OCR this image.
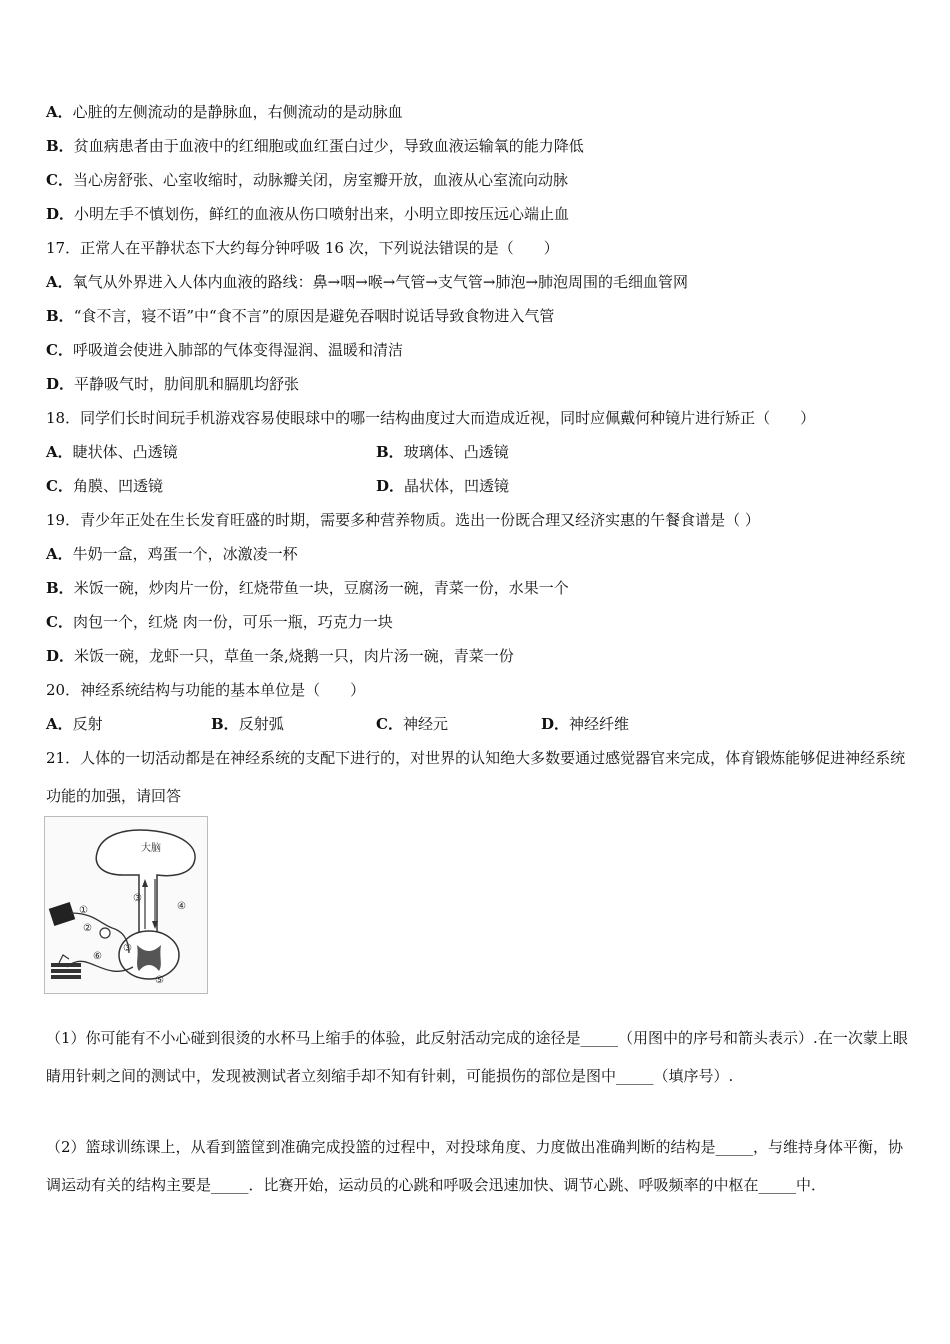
A．心脏的左侧流动的是静脉血，右侧流动的是动脉血
B．贫血病患者由于血液中的红细胞或血红蛋白过少，导致血液运输氧的能力降低
C．当心房舒张、心室收缩时，动脉瓣关闭，房室瓣开放，血液从心室流向动脉
D．小明左手不慎划伤，鲜红的血液从伤口喷射出来，小明立即按压远心端止血
17．正常人在平静状态下大约每分钟呼吸 16 次，下列说法错误的是（　　）
A．氧气从外界进入人体内血液的路线：鼻→咽→喉→气管→支气管→肺泡→肺泡周围的毛细血管网
B．“食不言，寝不语”中“食不言”的原因是避免吞咽时说话导致食物进入气管
C．呼吸道会使进入肺部的气体变得湿润、温暖和清洁
D．平静吸气时，肋间肌和膈肌均舒张
18．同学们长时间玩手机游戏容易使眼球中的哪一结构曲度过大而造成近视，同时应佩戴何种镜片进行矫正（　　）
A．睫状体、凸透镜	B．玻璃体、凸透镜
C．角膜、凹透镜	D．晶状体，凹透镜
19．青少年正处在生长发育旺盛的时期，需要多种营养物质。选出一份既合理又经济实惠的午餐食谱是（ ）
A．牛奶一盒，鸡蛋一个，冰激凌一杯
B．米饭一碗，炒肉片一份，红烧带鱼一块，豆腐汤一碗，青菜一份，水果一个
C．肉包一个，红烧 肉一份，可乐一瓶，巧克力一块
D．米饭一碗，龙虾一只，草鱼一条,烧鹅一只，肉片汤一碗，青菜一份
20．神经系统结构与功能的基本单位是（　　）
A．反射	B．反射弧	C．神经元	D．神经纤维
21．人体的一切活动都是在神经系统的支配下进行的，对世界的认知绝大多数要通过感觉器官来完成，体育锻炼能够促进神经系统功能的加强，请回答
大脑
③
④
③
①
②
⑥
⑤
（1）你可能有不小心碰到很烫的水杯马上缩手的体验，此反射活动完成的途径是_____（用图中的序号和箭头表示）.在一次蒙上眼睛用针刺之间的测试中，发现被测试者立刻缩手却不知有针刺，可能损伤的部位是图中_____（填序号）.
（2）篮球训练课上，从看到篮筐到准确完成投篮的过程中，对投球角度、力度做出准确判断的结构是_____，与维持身体平衡，协调运动有关的结构主要是_____．比赛开始，运动员的心跳和呼吸会迅速加快、调节心跳、呼吸频率的中枢在_____中．
